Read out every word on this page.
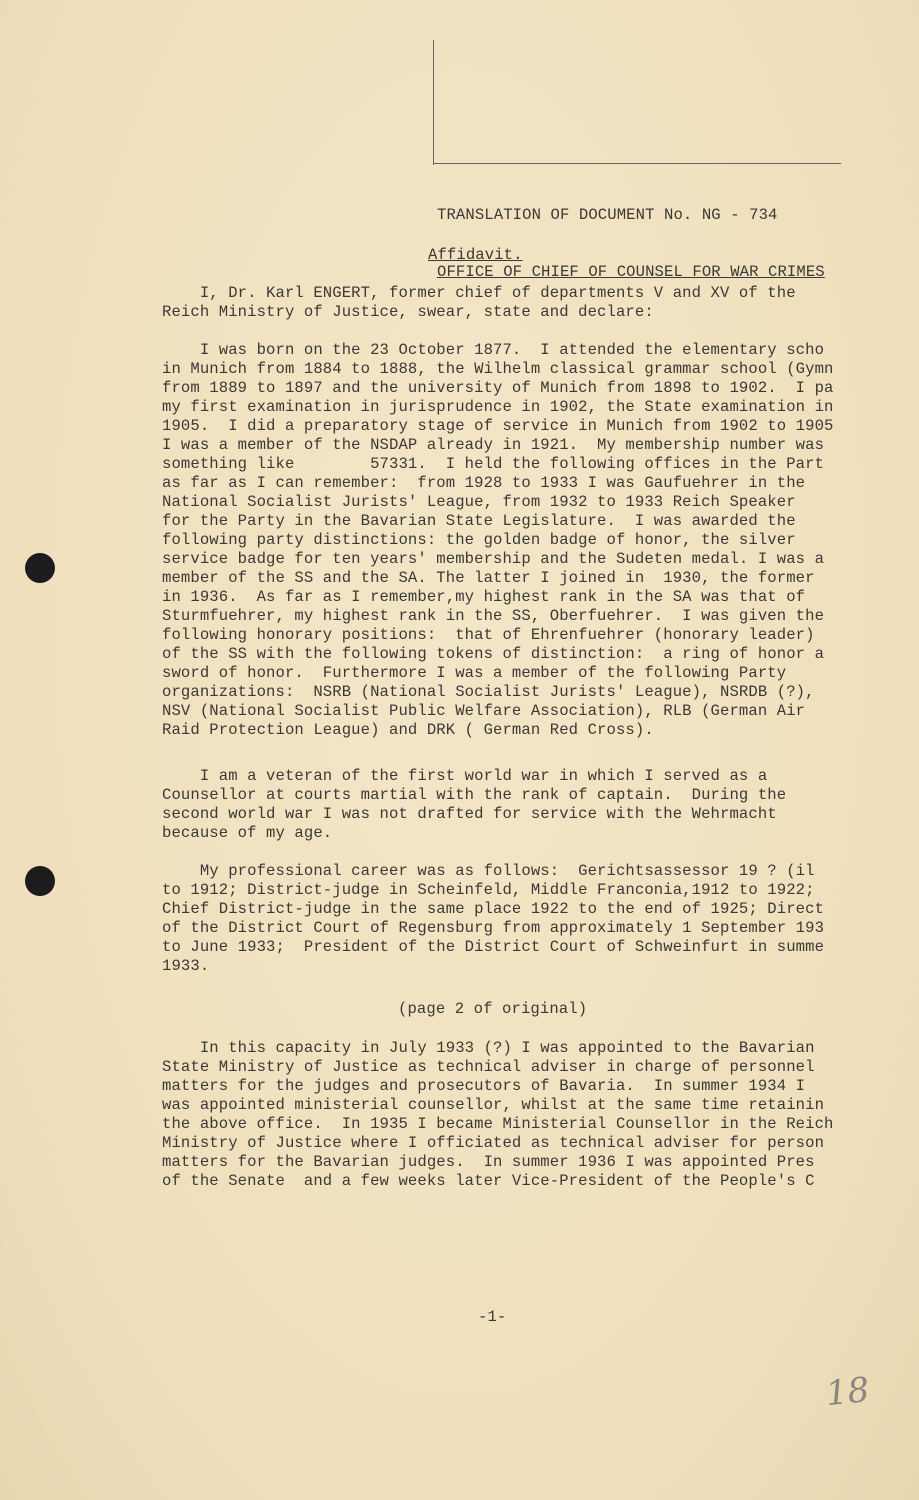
TRANSLATION OF DOCUMENT No. NG - 734

OFFICE OF CHIEF OF COUNSEL FOR WAR CRIMES

Affidavit.
I, Dr. Karl ENGERT, former chief of departments V and XV of the
Reich Ministry of Justice, swear, state and declare:
I was born on the 23 October 1877.  I attended the elementary scho
in Munich from 1884 to 1888, the Wilhelm classical grammar school (Gymn
from 1889 to 1897 and the university of Munich from 1898 to 1902.  I pa
my first examination in jurisprudence in 1902, the State examination in
1905.  I did a preparatory stage of service in Munich from 1902 to 1905
I was a member of the NSDAP already in 1921.  My membership number was
something like        57331.  I held the following offices in the Part
as far as I can remember:  from 1928 to 1933 I was Gaufuehrer in the
National Socialist Jurists' League, from 1932 to 1933 Reich Speaker
for the Party in the Bavarian State Legislature.  I was awarded the
following party distinctions: the golden badge of honor, the silver
service badge for ten years' membership and the Sudeten medal. I was a
member of the SS and the SA. The latter I joined in  1930, the former
in 1936.  As far as I remember,my highest rank in the SA was that of
Sturmfuehrer, my highest rank in the SS, Oberfuehrer.  I was given the
following honorary positions:  that of Ehrenfuehrer (honorary leader)
of the SS with the following tokens of distinction:  a ring of honor a
sword of honor.  Furthermore I was a member of the following Party
organizations:  NSRB (National Socialist Jurists' League), NSRDB (?),
NSV (National Socialist Public Welfare Association), RLB (German Air
Raid Protection League) and DRK ( German Red Cross).
I am a veteran of the first world war in which I served as a
Counsellor at courts martial with the rank of captain.  During the
second world war I was not drafted for service with the Wehrmacht
because of my age.
My professional career was as follows:  Gerichtsassessor 19 ? (il
to 1912; District-judge in Scheinfeld, Middle Franconia,1912 to 1922;
Chief District-judge in the same place 1922 to the end of 1925; Direct
of the District Court of Regensburg from approximately 1 September 193
to June 1933;  President of the District Court of Schweinfurt in summe
1933.
(page 2 of original)
In this capacity in July 1933 (?) I was appointed to the Bavarian
State Ministry of Justice as technical adviser in charge of personnel
matters for the judges and prosecutors of Bavaria.  In summer 1934 I
was appointed ministerial counsellor, whilst at the same time retainin
the above office.  In 1935 I became Ministerial Counsellor in the Reich
Ministry of Justice where I officiated as technical adviser for person
matters for the Bavarian judges.  In summer 1936 I was appointed Pres
of the Senate  and a few weeks later Vice-President of the People's C
-1-
18
